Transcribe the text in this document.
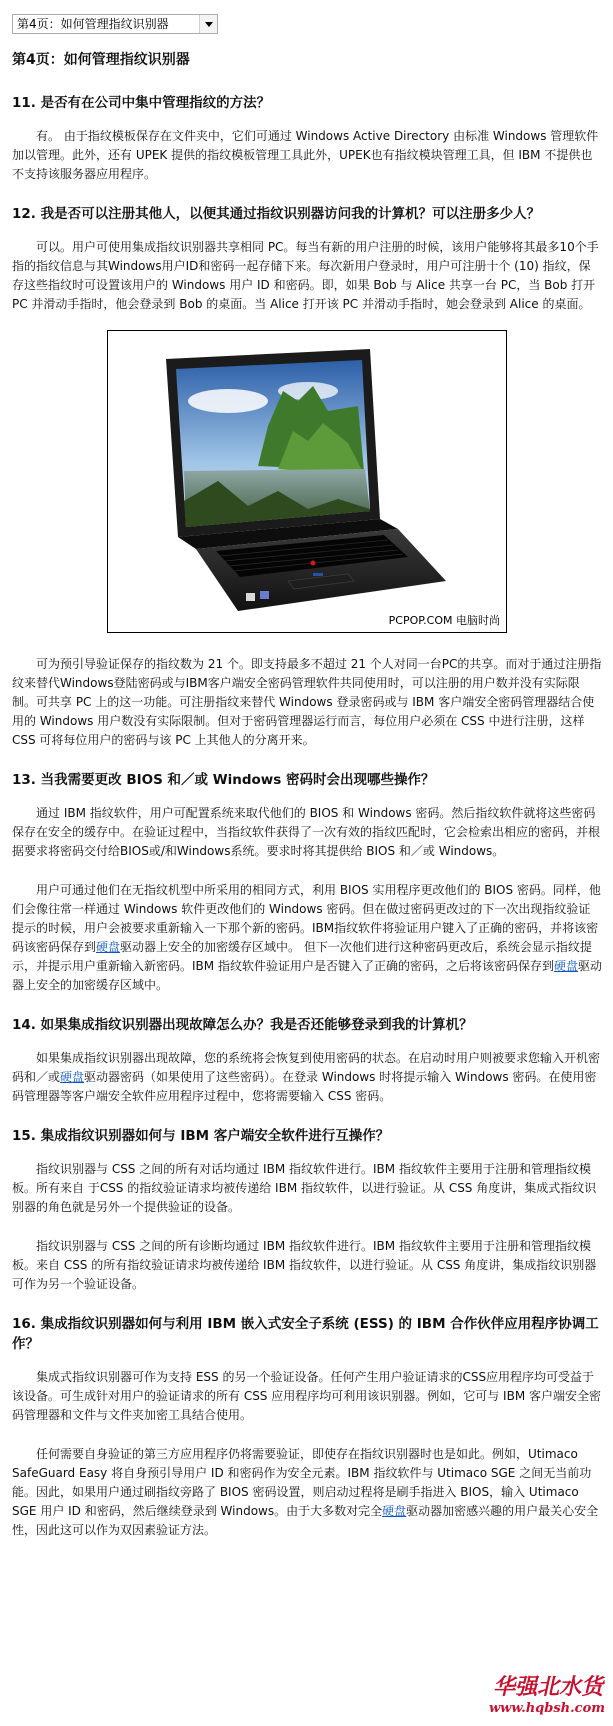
第4页：如何管理指纹识别器
第4页：如何管理指纹识别器
11. 是否有在公司中集中管理指纹的方法？

有。 由于指纹模板保存在文件夹中，它们可通过 Windows Active Directory 由标准 Windows 管理软件加以管理。此外，还有 UPEK 提供的指纹模板管理工具此外，UPEK也有指纹模块管理工具，但 IBM 不提供也不支持该服务器应用程序。

12. 我是否可以注册其他人，以便其通过指纹识别器访问我的计算机？可以注册多少人？

可以。用户可使用集成指纹识别器共享相同 PC。每当有新的用户注册的时候，该用户能够将其最多10个手指的指纹信息与其Windows用户ID和密码一起存储下来。每次新用户登录时，用户可注册十个 (10) 指纹，保存这些指纹时可设置该用户的 Windows 用户 ID 和密码。即，如果 Bob 与 Alice 共享一台 PC，当 Bob 打开 PC 并滑动手指时，他会登录到 Bob 的桌面。当 Alice 打开该 PC 并滑动手指时，她会登录到 Alice 的桌面。

PCPOP.COM 电脑时尚

可为预引导验证保存的指纹数为 21 个。即支持最多不超过 21 个人对同一台PC的共享。而对于通过注册指纹来替代Windows登陆密码或与IBM客户端安全密码管理软件共同使用时，可以注册的用户数并没有实际限制。可共享 PC 上的这一功能。可注册指纹来替代 Windows 登录密码或与 IBM 客户端安全密码管理器结合使用的 Windows 用户数没有实际限制。但对于密码管理器运行而言，每位用户必须在 CSS 中进行注册，这样 CSS 可将每位用户的密码与该 PC 上其他人的分离开来。

13. 当我需要更改 BIOS 和／或 Windows 密码时会出现哪些操作？

通过 IBM 指纹软件，用户可配置系统来取代他们的 BIOS 和 Windows 密码。然后指纹软件就将这些密码保存在安全的缓存中。在验证过程中，当指纹软件获得了一次有效的指纹匹配时，它会检索出相应的密码，并根据要求将密码交付给BIOS或/和Windows系统。要求时将其提供给 BIOS 和／或 Windows。

用户可通过他们在无指纹机型中所采用的相同方式，利用 BIOS 实用程序更改他们的 BIOS 密码。同样，他们会像往常一样通过 Windows 软件更改他们的 Windows 密码。但在做过密码更改过的下一次出现指纹验证提示的时候，用户会被要求重新输入一下那个新的密码。IBM指纹软件将验证用户键入了正确的密码，并将该密码该密码保存到硬盘驱动器上安全的加密缓存区域中。 但下一次他们进行这种密码更改后，系统会显示指纹提示，并提示用户重新输入新密码。IBM 指纹软件验证用户是否键入了正确的密码，之后将该密码保存到硬盘驱动器上安全的加密缓存区域中。

14. 如果集成指纹识别器出现故障怎么办？我是否还能够登录到我的计算机？

如果集成指纹识别器出现故障，您的系统将会恢复到使用密码的状态。在启动时用户则被要求您输入开机密码和／或硬盘驱动器密码（如果使用了这些密码）。在登录 Windows 时将提示输入 Windows 密码。在使用密码管理器等客户端安全软件应用程序过程中，您将需要输入 CSS 密码。

15. 集成指纹识别器如何与 IBM 客户端安全软件进行互操作？

指纹识别器与 CSS 之间的所有对话均通过 IBM 指纹软件进行。IBM 指纹软件主要用于注册和管理指纹模板。所有来自 于CSS 的指纹验证请求均被传递给 IBM 指纹软件，以进行验证。从 CSS 角度讲，集成式指纹识别器的角色就是另外一个提供验证的设备。

指纹识别器与 CSS 之间的所有诊断均通过 IBM 指纹软件进行。IBM 指纹软件主要用于注册和管理指纹模板。来自 CSS 的所有指纹验证请求均被传递给 IBM 指纹软件，以进行验证。从 CSS 角度讲，集成指纹识别器可作为另一个验证设备。

16. 集成指纹识别器如何与利用 IBM 嵌入式安全子系统 (ESS) 的 IBM 合作伙伴应用程序协调工作？

集成式指纹识别器可作为支持 ESS 的另一个验证设备。任何产生用户验证请求的CSS应用程序均可受益于该设备。可生成针对用户的验证请求的所有 CSS 应用程序均可利用该识别器。例如，它可与 IBM 客户端安全密码管理器和文件与文件夹加密工具结合使用。

任何需要自身验证的第三方应用程序仍将需要验证，即使存在指纹识别器时也是如此。例如，Utimaco SafeGuard Easy 将自身预引导用户 ID 和密码作为安全元素。IBM 指纹软件与 Utimaco SGE 之间无当前功能。因此，如果用户通过刷指纹旁路了 BIOS 密码设置，则启动过程将是刷手指进入 BIOS，输入 Utimaco SGE 用户 ID 和密码，然后继续登录到 Windows。由于大多数对完全硬盘驱动器加密感兴趣的用户最关心安全性，因此这可以作为双因素验证方法。

华强北水货
www.hqbsh.com
